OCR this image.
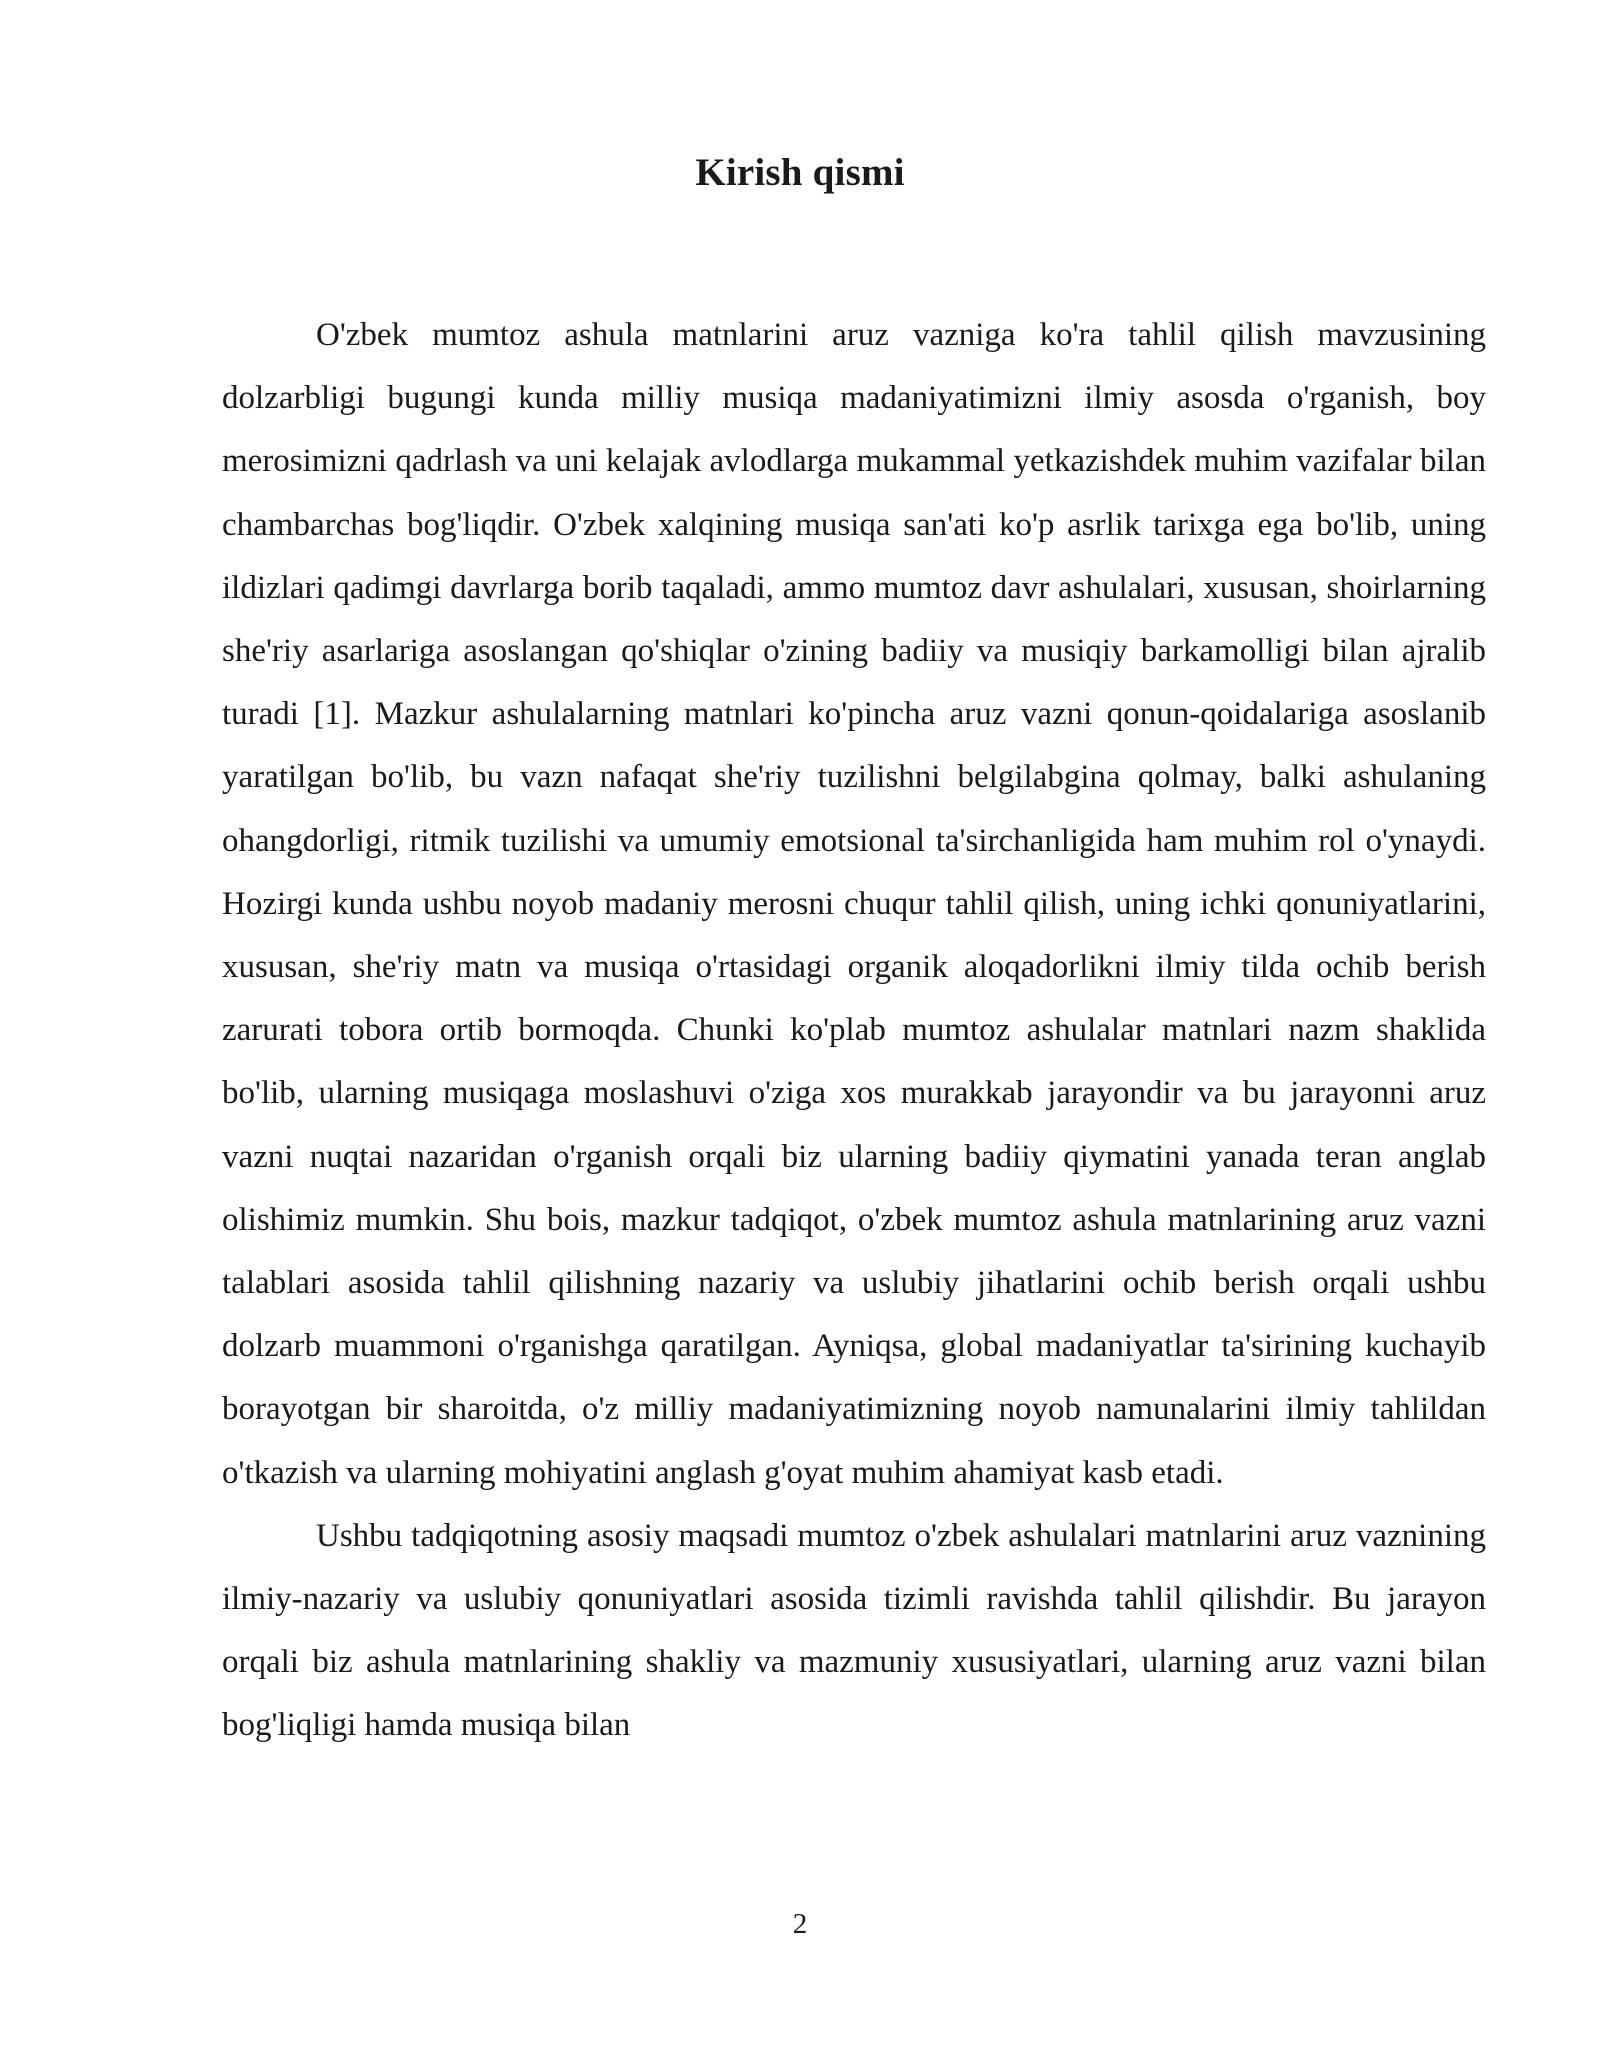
Kirish qismi

O'zbek mumtoz ashula matnlarini aruz vazniga ko'ra tahlil qilish mavzusining dolzarbligi bugungi kunda milliy musiqa madaniyatimizni ilmiy asosda o'rganish, boy merosimizni qadrlash va uni kelajak avlodlarga mukammal yetkazishdek muhim vazifalar bilan chambarchas bog'liqdir. O'zbek xalqining musiqa san'ati ko'p asrlik tarixga ega bo'lib, uning ildizlari qadimgi davrlarga borib taqaladi, ammo mumtoz davr ashulalari, xususan, shoirlarning she'riy asarlariga asoslangan qo'shiqlar o'zining badiiy va musiqiy barkamolligi bilan ajralib turadi [1]. Mazkur ashulalarning matnlari ko'pincha aruz vazni qonun-qoidalariga asoslanib yaratilgan bo'lib, bu vazn nafaqat she'riy tuzilishni belgilabgina qolmay, balki ashulaning ohangdorligi, ritmik tuzilishi va umumiy emotsional ta'sirchanligida ham muhim rol o'ynaydi. Hozirgi kunda ushbu noyob madaniy merosni chuqur tahlil qilish, uning ichki qonuniyatlarini, xususan, she'riy matn va musiqa o'rtasidagi organik aloqadorlikni ilmiy tilda ochib berish zarurati tobora ortib bormoqda. Chunki ko'plab mumtoz ashulalar matnlari nazm shaklida bo'lib, ularning musiqaga moslashuvi o'ziga xos murakkab jarayondir va bu jarayonni aruz vazni nuqtai nazaridan o'rganish orqali biz ularning badiiy qiymatini yanada teran anglab olishimiz mumkin. Shu bois, mazkur tadqiqot, o'zbek mumtoz ashula matnlarining aruz vazni talablari asosida tahlil qilishning nazariy va uslubiy jihatlarini ochib berish orqali ushbu dolzarb muammoni o'rganishga qaratilgan. Ayniqsa, global madaniyatlar ta'sirining kuchayib borayotgan bir sharoitda, o'z milliy madaniyatimizning noyob namunalarini ilmiy tahlildan o'tkazish va ularning mohiyatini anglash g'oyat muhim ahamiyat kasb etadi.

Ushbu tadqiqotning asosiy maqsadi mumtoz o'zbek ashulalari matnlarini aruz vaznining ilmiy-nazariy va uslubiy qonuniyatlari asosida tizimli ravishda tahlil qilishdir. Bu jarayon orqali biz ashula matnlarining shakliy va mazmuniy xususiyatlari, ularning aruz vazni bilan bog'liqligi hamda musiqa bilan

2
